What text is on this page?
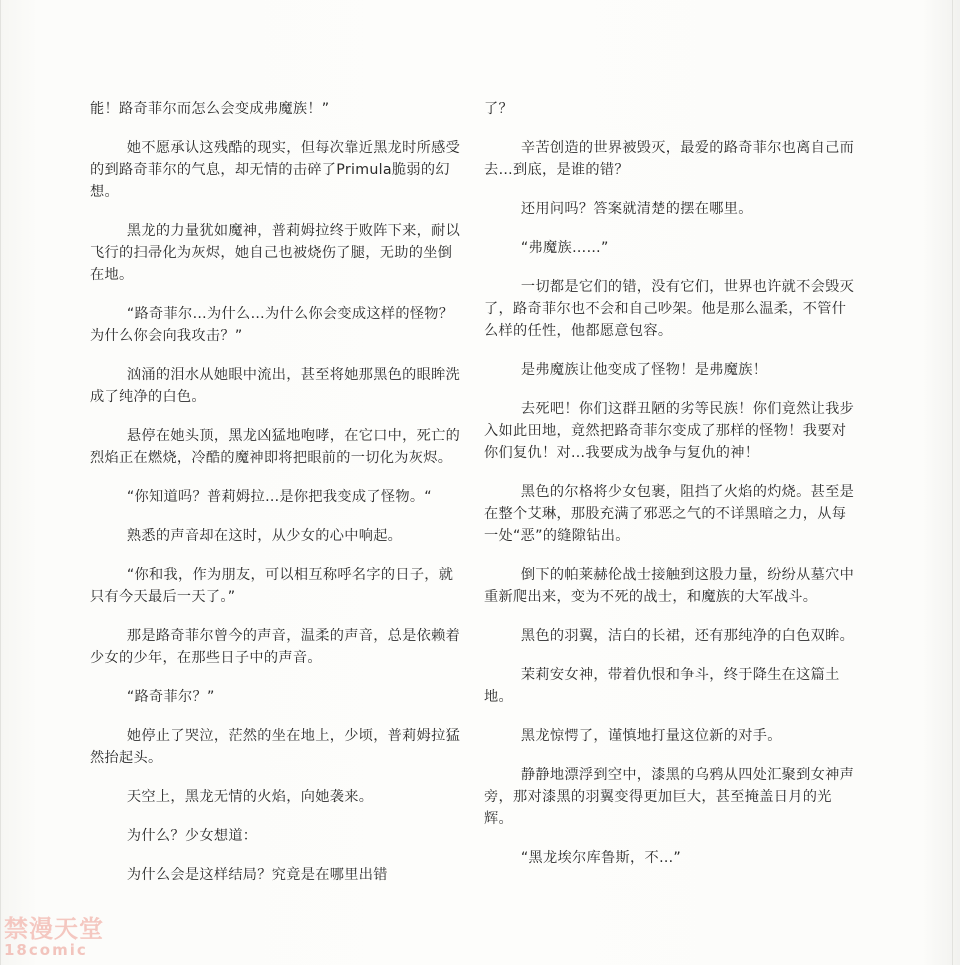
能！路奇菲尔而怎么会变成弗魔族！”

她不愿承认这残酷的现实，但每次靠近黑龙时所感受的到路奇菲尔的气息，却无情的击碎了Primula脆弱的幻想。

黑龙的力量犹如魔神，普莉姆拉终于败阵下来，耐以飞行的扫帚化为灰烬，她自己也被烧伤了腿，无助的坐倒在地。

“路奇菲尔…为什么…为什么你会变成这样的怪物？为什么你会向我攻击？”

汹涌的泪水从她眼中流出，甚至将她那黑色的眼眸洗成了纯净的白色。

悬停在她头顶，黑龙凶猛地咆哮，在它口中，死亡的烈焰正在燃烧，冷酷的魔神即将把眼前的一切化为灰烬。

“你知道吗？普莉姆拉…是你把我变成了怪物。“

熟悉的声音却在这时，从少女的心中响起。

“你和我，作为朋友，可以相互称呼名字的日子，就只有今天最后一天了。”

那是路奇菲尔曾今的声音，温柔的声音，总是依赖着少女的少年，在那些日子中的声音。

“路奇菲尔？”

她停止了哭泣，茫然的坐在地上，少顷，普莉姆拉猛然抬起头。

天空上，黑龙无情的火焰，向她袭来。

为什么？少女想道：

为什么会是这样结局？究竟是在哪里出错

了？

辛苦创造的世界被毁灭，最爱的路奇菲尔也离自己而去…到底，是谁的错？

还用问吗？答案就清楚的摆在哪里。

“弗魔族……”

一切都是它们的错，没有它们，世界也许就不会毁灭了，路奇菲尔也不会和自己吵架。他是那么温柔，不管什么样的任性，他都愿意包容。

是弗魔族让他变成了怪物！是弗魔族！

去死吧！你们这群丑陋的劣等民族！你们竟然让我步入如此田地，竟然把路奇菲尔变成了那样的怪物！我要对你们复仇！对…我要成为战争与复仇的神！

黑色的尔格将少女包裹，阻挡了火焰的灼烧。甚至是在整个艾琳，那股充满了邪恶之气的不详黑暗之力，从每一处“恶”的缝隙钻出。

倒下的帕莱赫伦战士接触到这股力量，纷纷从墓穴中重新爬出来，变为不死的战士，和魔族的大军战斗。

黑色的羽翼，洁白的长裙，还有那纯净的白色双眸。

茉莉安女神，带着仇恨和争斗，终于降生在这篇土地。

黑龙惊愕了，谨慎地打量这位新的对手。

静静地漂浮到空中，漆黑的乌鸦从四处汇聚到女神声旁，那对漆黑的羽翼变得更加巨大，甚至掩盖日月的光辉。

“黑龙埃尔库鲁斯，不…”

禁漫天堂
18comic
